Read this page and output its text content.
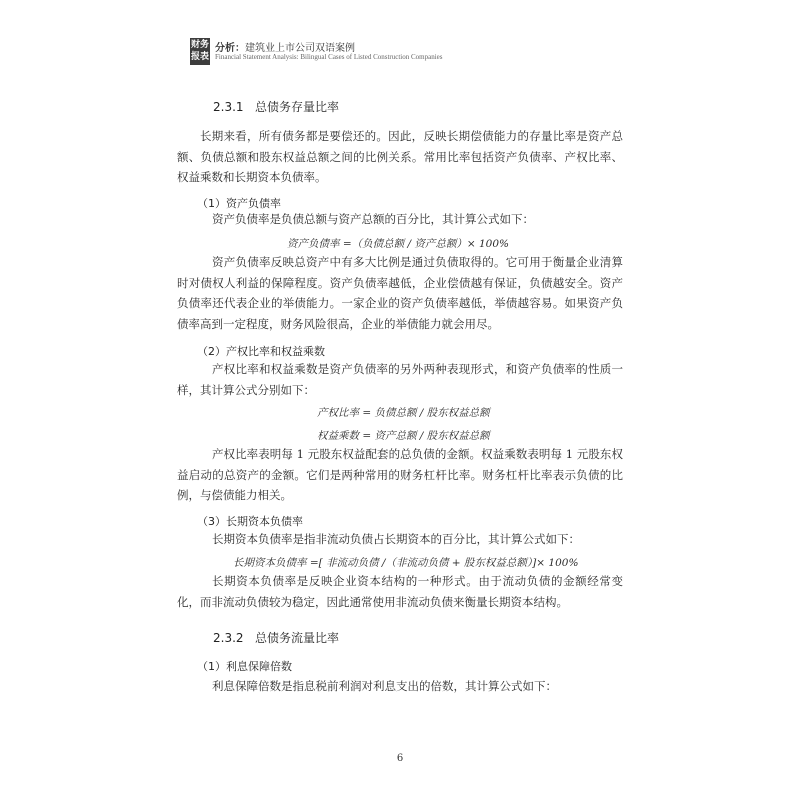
财务
报表
分析：建筑业上市公司双语案例
Financial Statement Analysis: Bilingual Cases of Listed Construction Companies
2.3.1 总债务存量比率
长期来看，所有债务都是要偿还的。因此，反映长期偿债能力的存量比率是资产总额、负债总额和股东权益总额之间的比例关系。常用比率包括资产负债率、产权比率、权益乘数和长期资本负债率。
（1）资产负债率
资产负债率是负债总额与资产总额的百分比，其计算公式如下：
资产负债率 =（负债总额 / 资产总额）× 100%
资产负债率反映总资产中有多大比例是通过负债取得的。它可用于衡量企业清算时对债权人利益的保障程度。资产负债率越低，企业偿债越有保证，负债越安全。资产负债率还代表企业的举债能力。一家企业的资产负债率越低，举债越容易。如果资产负债率高到一定程度，财务风险很高，企业的举债能力就会用尽。
（2）产权比率和权益乘数
产权比率和权益乘数是资产负债率的另外两种表现形式，和资产负债率的性质一样，其计算公式分别如下：
产权比率 = 负债总额 / 股东权益总额
权益乘数 = 资产总额 / 股东权益总额
产权比率表明每 1 元股东权益配套的总负债的金额。权益乘数表明每 1 元股东权益启动的总资产的金额。它们是两种常用的财务杠杆比率。财务杠杆比率表示负债的比例，与偿债能力相关。
（3）长期资本负债率
长期资本负债率是指非流动负债占长期资本的百分比，其计算公式如下：
长期资本负债率 =[ 非流动负债 /（非流动负债 + 股东权益总额）]× 100%
长期资本负债率是反映企业资本结构的一种形式。由于流动负债的金额经常变化，而非流动负债较为稳定，因此通常使用非流动负债来衡量长期资本结构。
2.3.2 总债务流量比率
（1）利息保障倍数
利息保障倍数是指息税前利润对利息支出的倍数，其计算公式如下：
6
